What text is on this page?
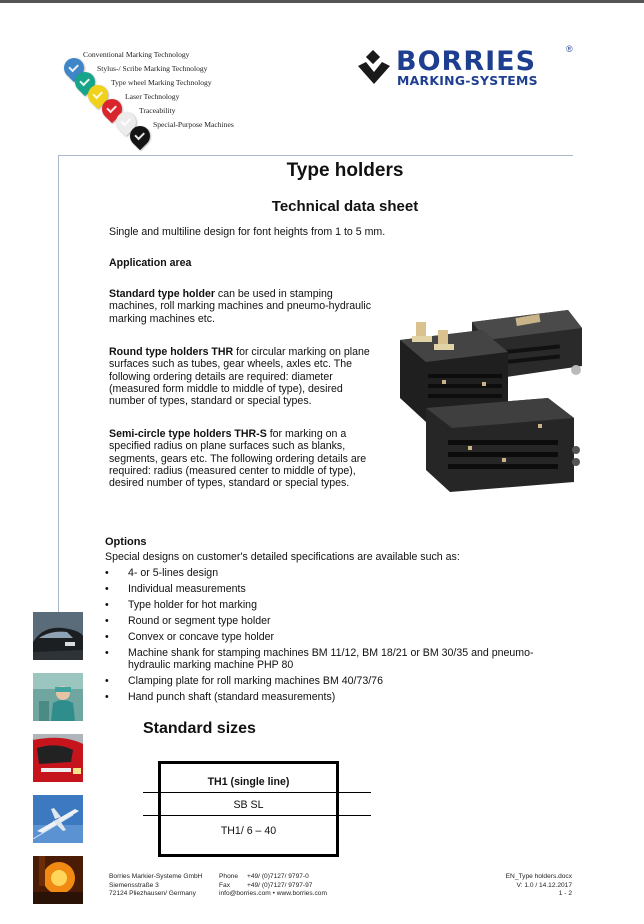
Conventional Marking Technology
Stylus-/ Scribe Marking Technology
Type wheel Marking Technology
Laser Technology
Traceability
Special-Purpose Machines
BORRIES	®
MARKING-SYSTEMS
Type holders
Technical data sheet
Single and multiline design for font heights from 1 to 5 mm.
Application area
Standard type holder can be used in stamping
machines, roll marking machines and pneumo-hydraulic
marking machines etc.
Round type holders THR for circular marking on plane
surfaces such as tubes, gear wheels, axles etc. The
following ordering details are required: diameter
(measured form middle to middle of type), desired
number of types, standard or special types.
Semi-circle type holders THR-S for marking on a
specified radius on plane surfaces such as blanks,
segments, gears etc. The following ordering details are
required: radius (measured center to middle of type),
desired number of types, standard or special types.
Options
Special designs on customer's detailed specifications are available such as:
• 4- or 5-lines design
• Individual measurements
• Type holder for hot marking
• Round or segment type holder
• Convex or concave type holder
• Machine shank for stamping machines BM 11/12, BM 18/21 or BM 30/35 and pneumo-
hydraulic marking machine PHP 80
• Clamping plate for roll marking machines BM 40/73/76
• Hand punch shaft (standard measurements)
Standard sizes
TH1 (single line)
SB SL
TH1/ 6 – 40
Borries Markier-Systeme GmbH
Siemensstraße 3
72124 Pliezhausen/ Germany
Phone
Fax
+49/ (0)7127/ 9797-0
+49/ (0)7127/ 9797-97
info@borries.com • www.borries.com
EN_Type holders.docx
V: 1.0 / 14.12.2017
1 - 2
